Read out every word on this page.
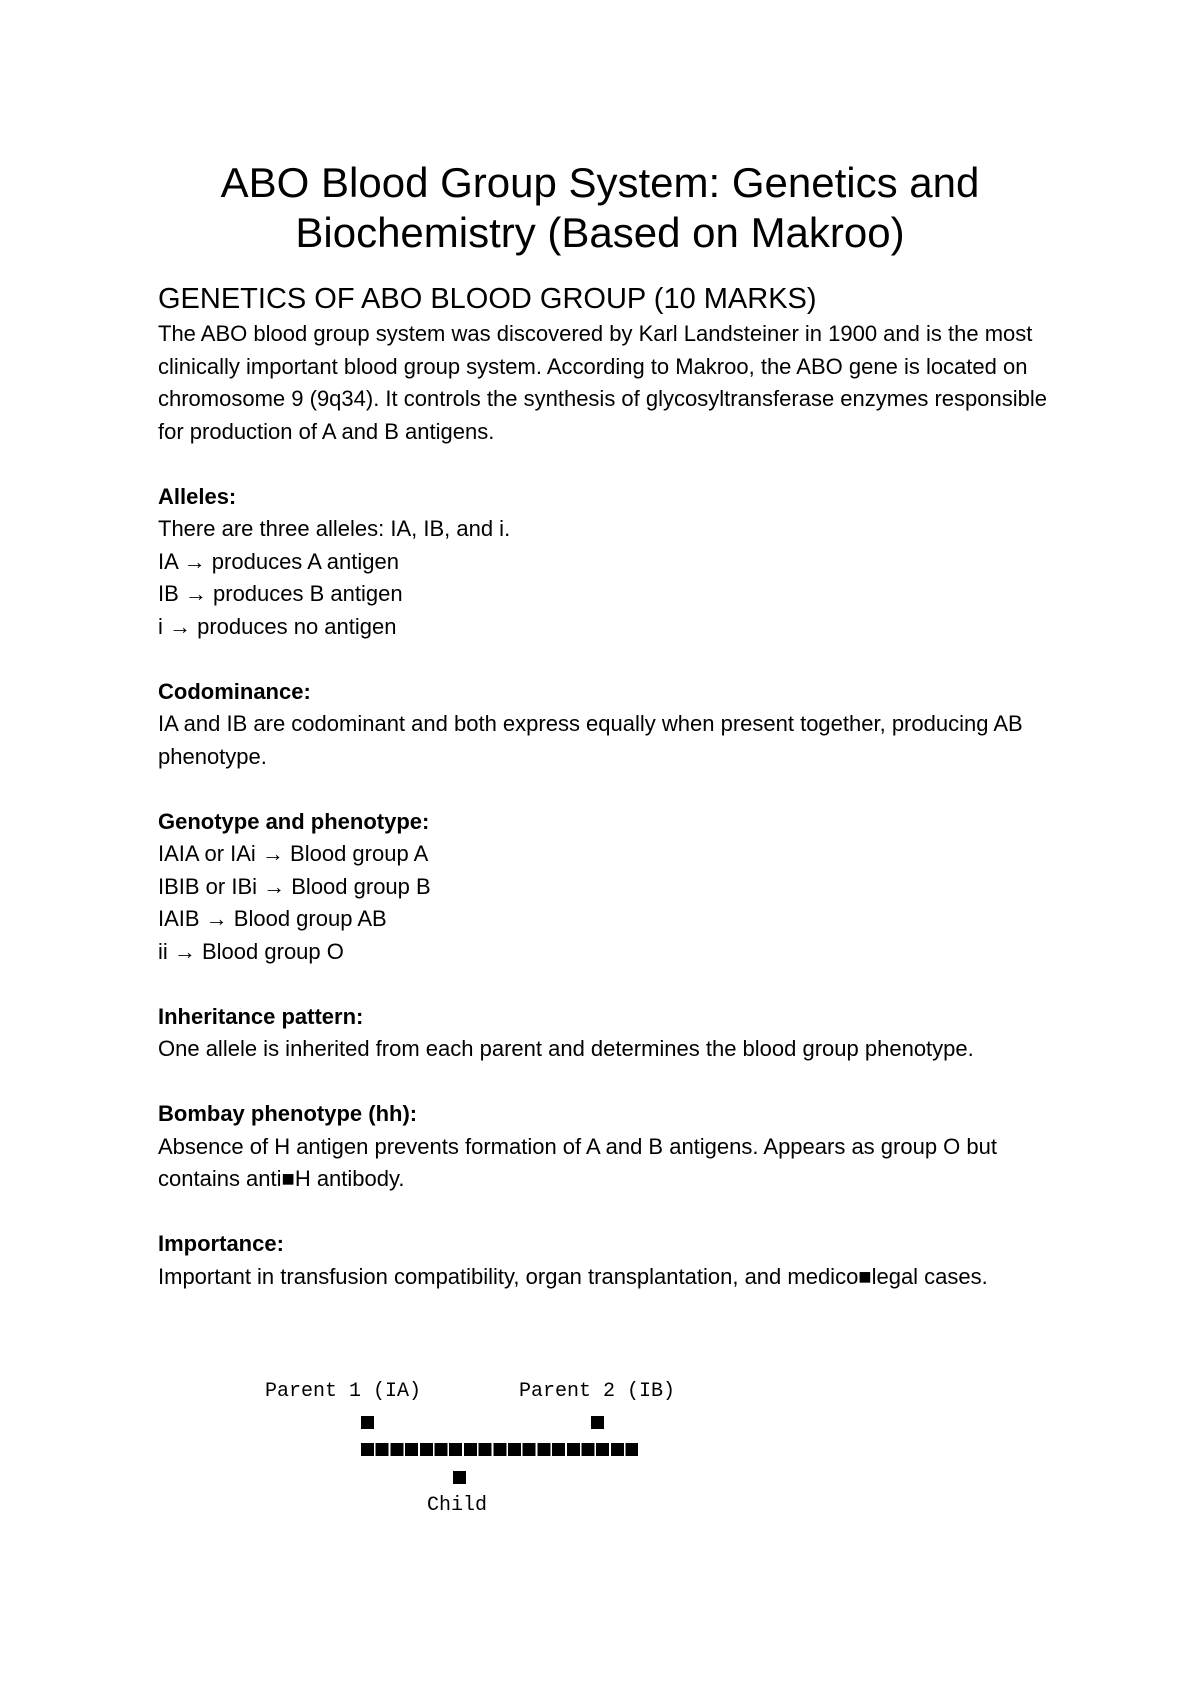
ABO Blood Group System: Genetics and Biochemistry (Based on Makroo)
GENETICS OF ABO BLOOD GROUP (10 MARKS)

The ABO blood group system was discovered by Karl Landsteiner in 1900 and is the most clinically important blood group system. According to Makroo, the ABO gene is located on chromosome 9 (9q34). It controls the synthesis of glycosyltransferase enzymes responsible for production of A and B antigens.

Alleles:

There are three alleles: IA, IB, and i.
IA → produces A antigen
IB → produces B antigen
i → produces no antigen

Codominance:

IA and IB are codominant and both express equally when present together, producing AB phenotype.

Genotype and phenotype:

IAIA or IAi → Blood group A
IBIB or IBi → Blood group B
IAIB → Blood group AB
ii → Blood group O

Inheritance pattern:

One allele is inherited from each parent and determines the blood group phenotype.

Bombay phenotype (hh):

Absence of H antigen prevents formation of A and B antigens. Appears as group O but contains anti■H antibody.

Importance:

Important in transfusion compatibility, organ transplantation, and medico■legal cases.

Parent 1 (IA)	Parent 2 (IB)
Child
